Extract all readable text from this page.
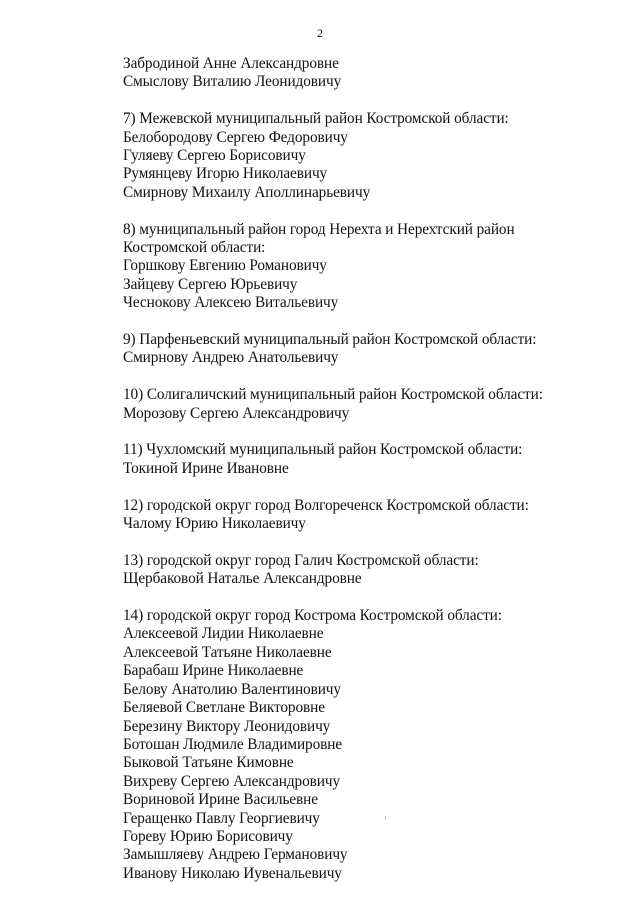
2
Забродиной Анне Александровне
Смыслову Виталию Леонидовичу
7) Межевской муниципальный район Костромской области:
Белобородову Сергею Федоровичу
Гуляеву Сергею Борисовичу
Румянцеву Игорю Николаевичу
Смирнову Михаилу Аполлинарьевичу
8) муниципальный район город Нерехта и Нерехтский район
Костромской области:
Горшкову Евгению Романовичу
Зайцеву Сергею Юрьевичу
Чеснокову Алексею Витальевичу
9) Парфеньевский муниципальный район Костромской области:
Смирнову Андрею Анатольевичу
10) Солигаличский муниципальный район Костромской области:
Морозову Сергею Александровичу
11) Чухломский муниципальный район Костромской области:
Токиной Ирине Ивановне
12) городской округ город Волгореченск Костромской области:
Чалому Юрию Николаевичу
13) городской округ город Галич Костромской области:
Щербаковой Наталье Александровне
14) городской округ город Кострома Костромской области:
Алексеевой Лидии Николаевне
Алексеевой Татьяне Николаевне
Барабаш Ирине Николаевне
Белову Анатолию Валентиновичу
Беляевой Светлане Викторовне
Березину Виктору Леонидовичу
Ботошан Людмиле Владимировне
Быковой Татьяне Кимовне
Вихреву Сергею Александровичу
Вориновой Ирине Васильевне
Геращенко Павлу Георгиевичу
Гореву Юрию Борисовичу
Замышляеву Андрею Германовичу
Иванову Николаю Иувенальевичу
